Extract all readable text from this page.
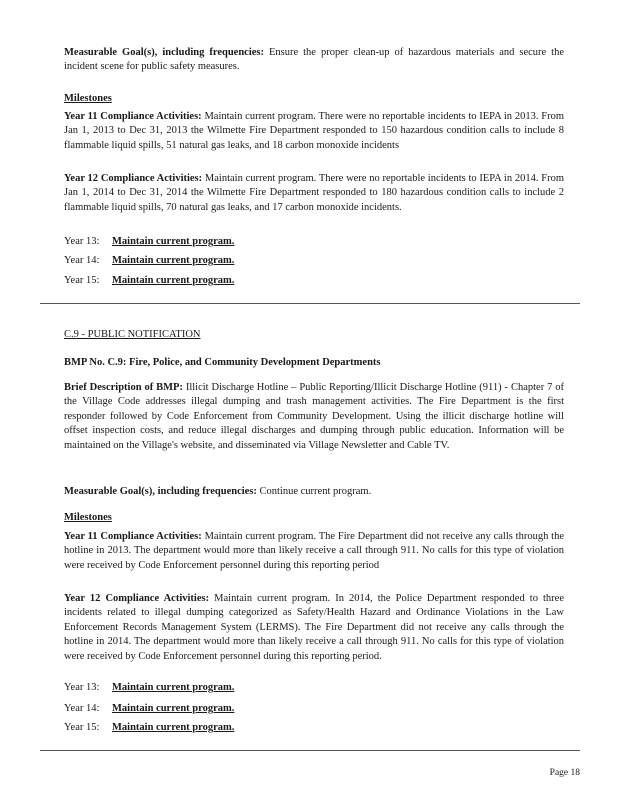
Measurable Goal(s), including frequencies: Ensure the proper clean-up of hazardous materials and secure the incident scene for public safety measures.
Milestones
Year 11 Compliance Activities: Maintain current program. There were no reportable incidents to IEPA in 2013. From Jan 1, 2013 to Dec 31, 2013 the Wilmette Fire Department responded to 150 hazardous condition calls to include 8 flammable liquid spills, 51 natural gas leaks, and 18 carbon monoxide incidents
Year 12 Compliance Activities: Maintain current program. There were no reportable incidents to IEPA in 2014. From Jan 1, 2014 to Dec 31, 2014 the Wilmette Fire Department responded to 180 hazardous condition calls to include 2 flammable liquid spills, 70 natural gas leaks, and 17 carbon monoxide incidents.
Year 13: Maintain current program.
Year 14: Maintain current program.
Year 15: Maintain current program.
C.9 - PUBLIC NOTIFICATION
BMP No. C.9: Fire, Police, and Community Development Departments
Brief Description of BMP: Illicit Discharge Hotline – Public Reporting/Illicit Discharge Hotline (911) - Chapter 7 of the Village Code addresses illegal dumping and trash management activities. The Fire Department is the first responder followed by Code Enforcement from Community Development. Using the illicit discharge hotline will offset inspection costs, and reduce illegal discharges and dumping through public education. Information will be maintained on the Village's website, and disseminated via Village Newsletter and Cable TV.
Measurable Goal(s), including frequencies: Continue current program.
Milestones
Year 11 Compliance Activities: Maintain current program. The Fire Department did not receive any calls through the hotline in 2013. The department would more than likely receive a call through 911. No calls for this type of violation were received by Code Enforcement personnel during this reporting period
Year 12 Compliance Activities: Maintain current program. In 2014, the Police Department responded to three incidents related to illegal dumping categorized as Safety/Health Hazard and Ordinance Violations in the Law Enforcement Records Management System (LERMS). The Fire Department did not receive any calls through the hotline in 2014. The department would more than likely receive a call through 911. No calls for this type of violation were received by Code Enforcement personnel during this reporting period.
Year 13: Maintain current program.
Year 14: Maintain current program.
Year 15: Maintain current program.
Page 18
